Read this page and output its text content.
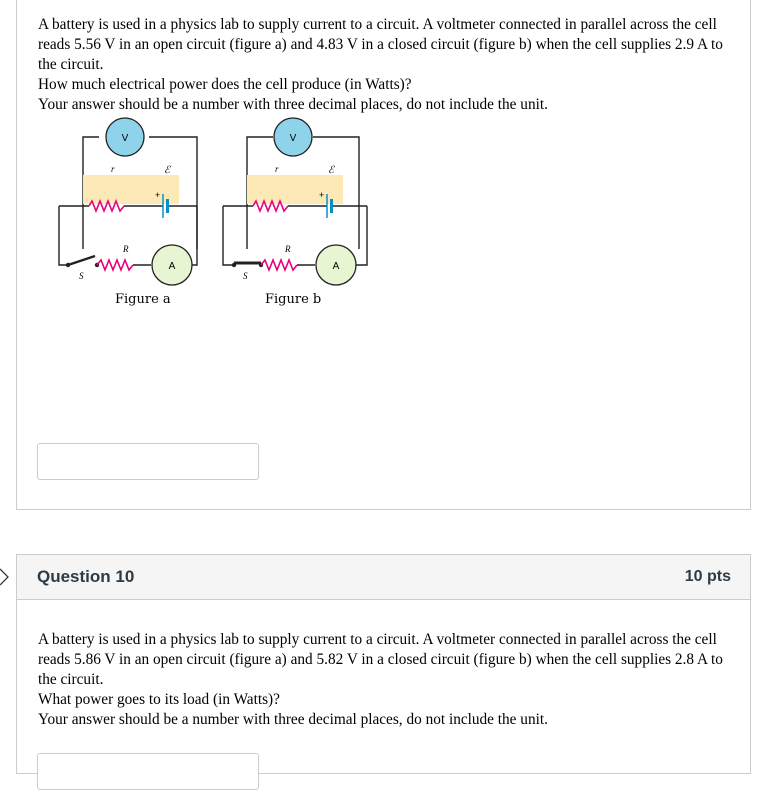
A battery is used in a physics lab to supply current to a circuit. A voltmeter connected in parallel across the cell reads 5.56 V in an open circuit (figure a) and 4.83 V in a closed circuit (figure b) when the cell supplies 2.9 A to the circuit.

How much electrical power does the cell produce (in Watts)?

Your answer should be a number with three decimal places, do not include the unit.

V
r	ℰ
+
S
R
A
Figure a
V
r	ℰ
+
S
R
A
Figure b
Question 10	10 pts

A battery is used in a physics lab to supply current to a circuit. A voltmeter connected in parallel across the cell reads 5.86 V in an open circuit (figure a) and 5.82 V in a closed circuit (figure b) when the cell supplies 2.8 A to the circuit.

What power goes to its load (in Watts)?

Your answer should be a number with three decimal places, do not include the unit.
